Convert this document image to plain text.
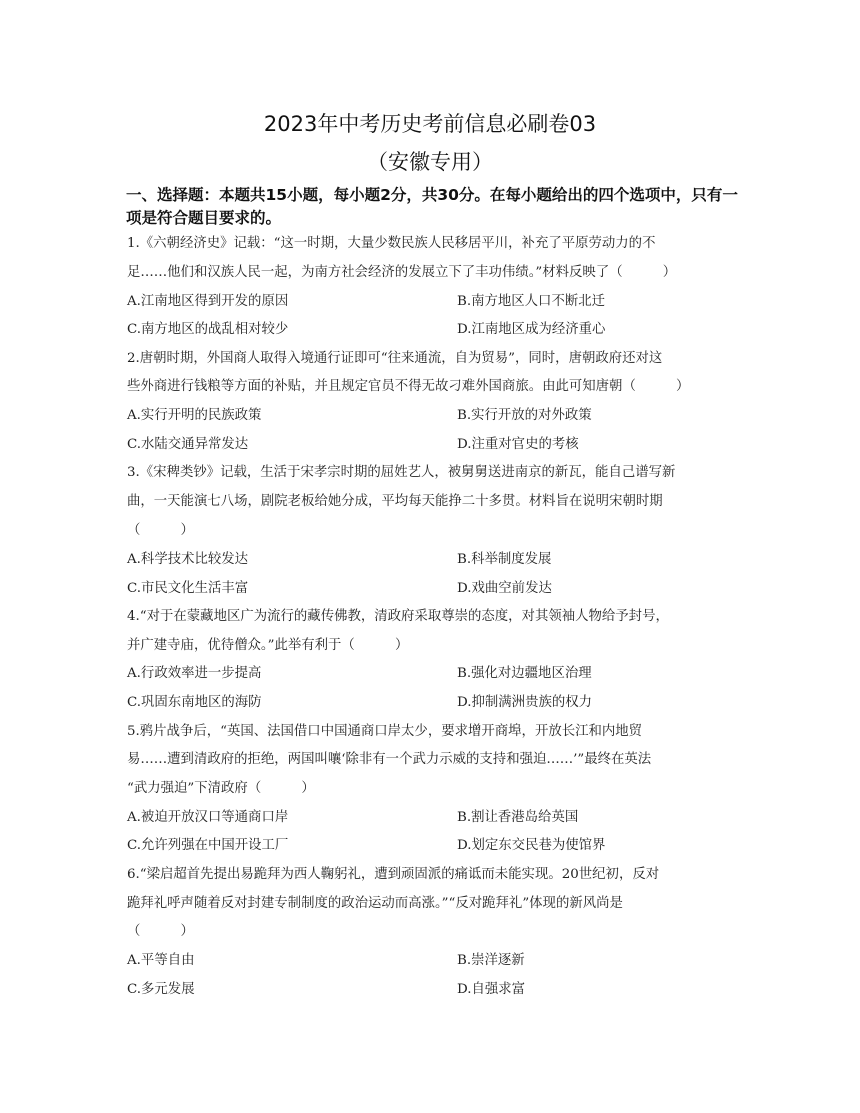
2023年中考历史考前信息必刷卷03
（安徽专用）
一、选择题：本题共15小题，每小题2分，共30分。在每小题给出的四个选项中，只有一项是符合题目要求的。
1.《六朝经济史》记载：“这一时期，大量少数民族人民移居平川，补充了平原劳动力的不
足……他们和汉族人民一起，为南方社会经济的发展立下了丰功伟绩。”材料反映了（　　　）
A.江南地区得到开发的原因	B.南方地区人口不断北迁
C.南方地区的战乱相对较少	D.江南地区成为经济重心
2.唐朝时期，外国商人取得入境通行证即可“往来通流，自为贸易”，同时，唐朝政府还对这
些外商进行钱粮等方面的补贴，并且规定官员不得无故刁难外国商旅。由此可知唐朝（　　　）
A.实行开明的民族政策	B.实行开放的对外政策
C.水陆交通异常发达	D.注重对官史的考核
3.《宋稗类钞》记载，生活于宋孝宗时期的屈姓艺人，被舅舅送进南京的新瓦，能自己谱写新
曲，一天能演七八场，剧院老板给她分成，平均每天能挣二十多贯。材料旨在说明宋朝时期
（　　　）
A.科学技术比较发达	B.科举制度发展
C.市民文化生活丰富	D.戏曲空前发达
4.“对于在蒙藏地区广为流行的藏传佛教，清政府采取尊崇的态度，对其领袖人物给予封号，
并广建寺庙，优待僧众。”此举有利于（　　　）
A.行政效率进一步提高	B.强化对边疆地区治理
C.巩固东南地区的海防	D.抑制满洲贵族的权力
5.鸦片战争后，“英国、法国借口中国通商口岸太少，要求增开商埠，开放长江和内地贸
易……遭到清政府的拒绝，两国叫嚷‘除非有一个武力示威的支持和强迫……’”最终在英法
“武力强迫”下清政府（　　　）
A.被迫开放汉口等通商口岸	B.割让香港岛给英国
C.允许列强在中国开设工厂	D.划定东交民巷为使馆界
6.“梁启超首先提出易跪拜为西人鞠躬礼，遭到顽固派的痛诋而未能实现。20世纪初，反对
跪拜礼呼声随着反对封建专制制度的政治运动而高涨。”“反对跪拜礼”体现的新风尚是
（　　　）
A.平等自由	B.崇洋逐新
C.多元发展	D.自强求富
